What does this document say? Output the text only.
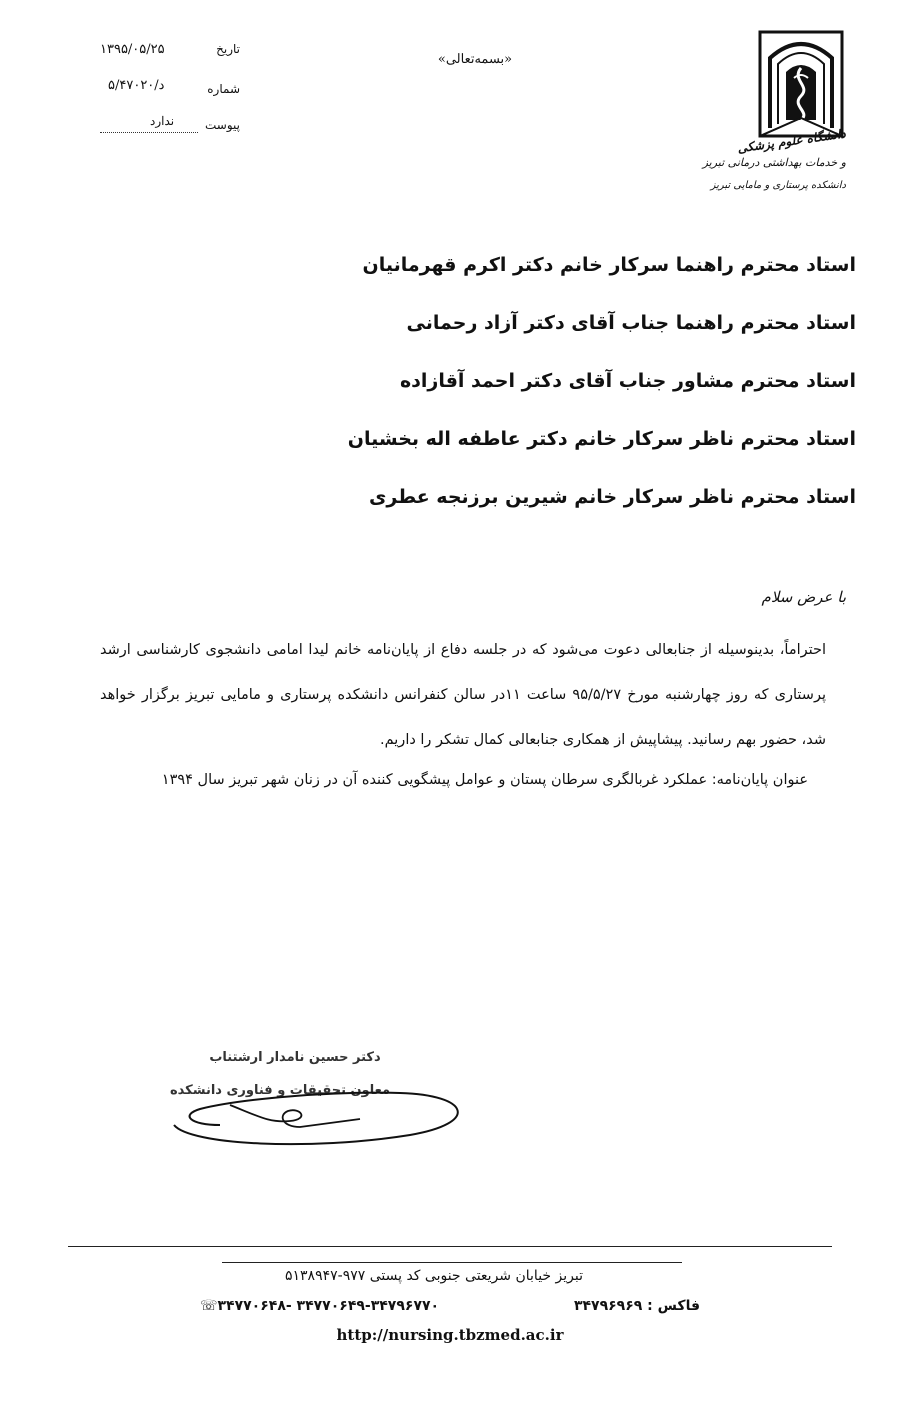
۱۳۹۵/۰۵/۲۵	تاریخ
۵/د/۴۷۰۲۰	شماره
ندارد	پیوست
«بسمه‌تعالی»
دانشگاه علوم پزشکی
و خدمات بهداشتی درمانی تبریز
دانشکده پرستاری و مامایی تبریز
استاد محترم راهنما سرکار خانم دکتر اکرم قهرمانیان
استاد محترم راهنما جناب آقای دکتر آزاد رحمانی
استاد محترم مشاور جناب آقای دکتر احمد آقازاده
استاد محترم ناظر سرکار خانم دکتر عاطفه اله بخشیان
استاد محترم ناظر سرکار خانم شیرین برزنجه عطری
با عرض سلام
احتراماً، بدینوسیله از جنابعالی دعوت می‌شود که در جلسه دفاع از پایان‌نامه خانم لیدا امامی دانشجوی کارشناسی ارشد پرستاری که روز چهارشنبه مورخ ۹۵/۵/۲۷ ساعت ۱۱در سالن کنفرانس دانشکده پرستاری و مامایی تبریز برگزار خواهد شد، حضور بهم رسانید. پیشاپیش از همکاری جنابعالی کمال تشکر را داریم.
عنوان پایان‌نامه: عملکرد غربالگری سرطان پستان و عوامل پیشگویی کننده آن در زنان شهر تبریز سال ۱۳۹۴
دکتر حسین نامدار ارشتناب
معاون تحقیقات و فناوری دانشکده
تبریز خیابان شریعتی جنوبی کد پستی ۹۷۷-۵۱۳۸۹۴۷
فاکس : ۳۴۷۹۶۹۶۹
☏۳۴۷۷۰۶۴۸- ۳۴۷۷۰۶۴۹-۳۴۷۹۶۷۷۰
http://nursing.tbzmed.ac.ir
